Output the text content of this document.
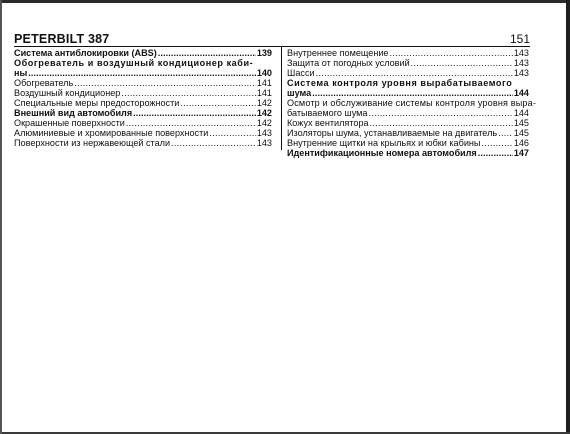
PETERBILT 387	151
Система антиблокировки (ABS) .....	139
Обогреватель и воздушный кондиционер каби-
ны .....	140
Обогреватель .....	141
Воздушный кондиционер .....	141
Специальные меры предосторожности .....	142
Внешний вид автомобиля .....	142
Окрашенные поверхности .....	142
Алюминиевые и хромированные поверхности .....	143
Поверхности из нержавеющей стали .....	143
Внутреннее помещение .....	143
Защита от погодных условий .....	143
Шасси .....	143
Система контроля уровня вырабатываемого
шума .....	144
Осмотр и обслуживание системы контроля уровня выра-
батываемого шума .....	144
Кожух вентилятора .....	145
Изоляторы шума, устанавливаемые на двигатель ..... 145
Внутренние щитки на крыльях и юбки кабины .....	146
Идентификационные номера автомобиля .....	147
